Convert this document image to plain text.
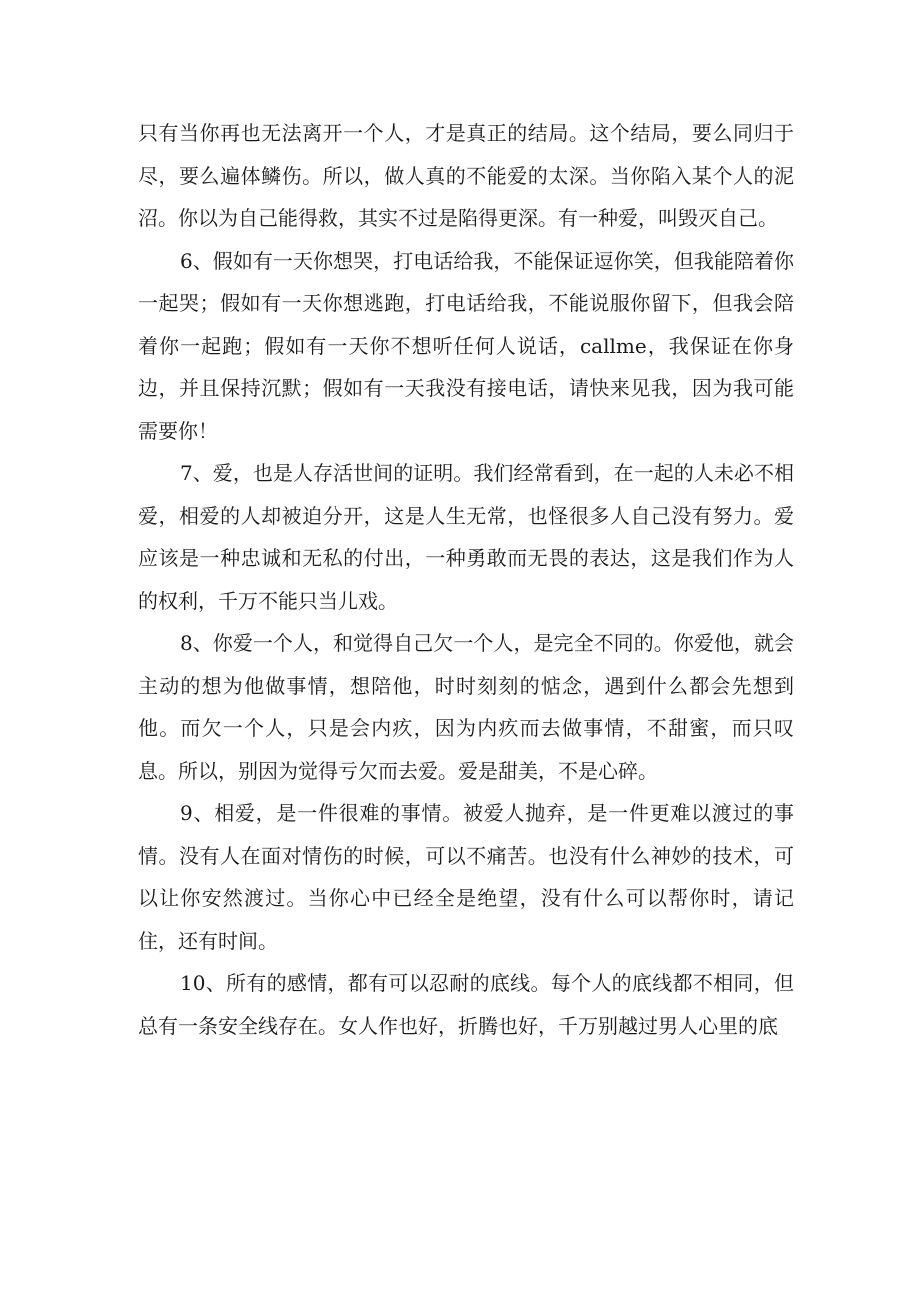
只有当你再也无法离开一个人，才是真正的结局。这个结局，要么同归于尽，要么遍体鳞伤。所以，做人真的不能爱的太深。当你陷入某个人的泥沼。你以为自己能得救，其实不过是陷得更深。有一种爱，叫毁灭自己。

6、假如有一天你想哭，打电话给我，不能保证逗你笑，但我能陪着你一起哭；假如有一天你想逃跑，打电话给我，不能说服你留下，但我会陪着你一起跑；假如有一天你不想听任何人说话，callme，我保证在你身边，并且保持沉默；假如有一天我没有接电话，请快来见我，因为我可能需要你！

7、爱，也是人存活世间的证明。我们经常看到，在一起的人未必不相爱，相爱的人却被迫分开，这是人生无常，也怪很多人自己没有努力。爱应该是一种忠诚和无私的付出，一种勇敢而无畏的表达，这是我们作为人的权利，千万不能只当儿戏。

8、你爱一个人，和觉得自己欠一个人，是完全不同的。你爱他，就会主动的想为他做事情，想陪他，时时刻刻的惦念，遇到什么都会先想到他。而欠一个人，只是会内疚，因为内疚而去做事情，不甜蜜，而只叹息。所以，别因为觉得亏欠而去爱。爱是甜美，不是心碎。

9、相爱，是一件很难的事情。被爱人抛弃，是一件更难以渡过的事情。没有人在面对情伤的时候，可以不痛苦。也没有什么神妙的技术，可以让你安然渡过。当你心中已经全是绝望，没有什么可以帮你时，请记住，还有时间。

10、所有的感情，都有可以忍耐的底线。每个人的底线都不相同，但总有一条安全线存在。女人作也好，折腾也好，千万别越过男人心里的底
